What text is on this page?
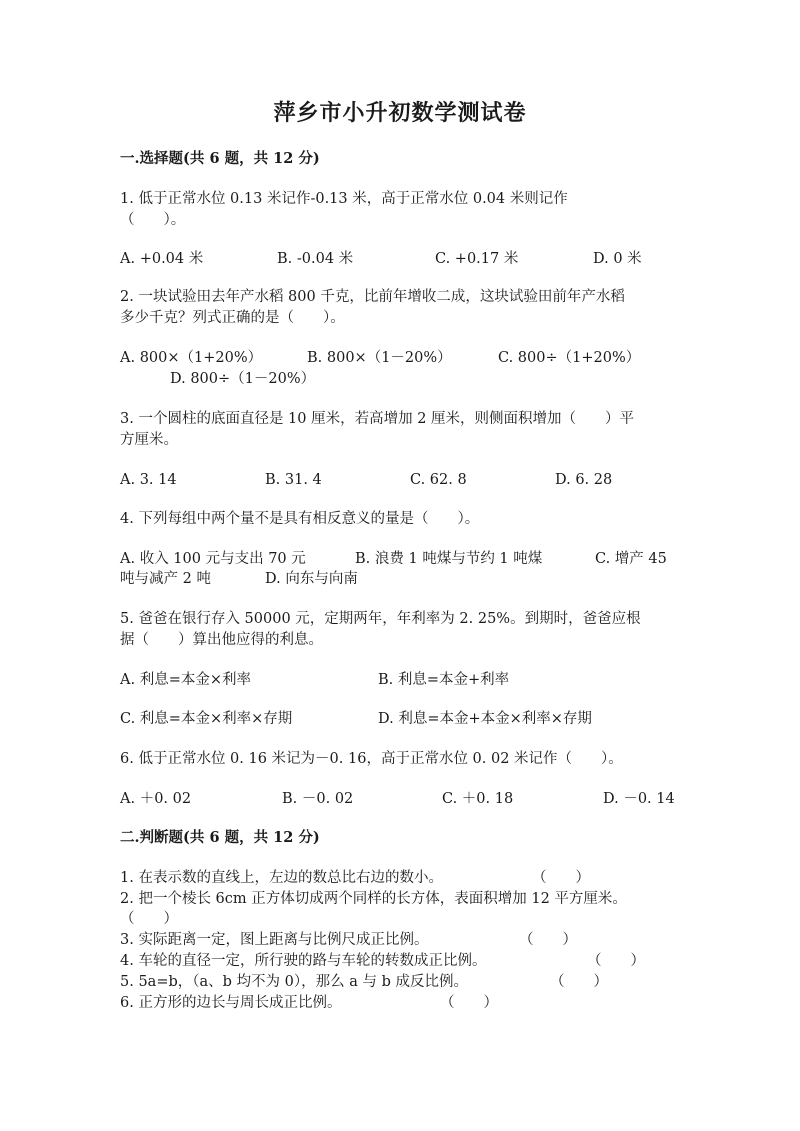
萍乡市小升初数学测试卷
一.选择题(共 6 题，共 12 分)
1. 低于正常水位 0.13 米记作-0.13 米，高于正常水位 0.04 米则记作
（　　）。
A. +0.04 米	B. -0.04 米	C. +0.17 米	D. 0 米
2. 一块试验田去年产水稻 800 千克，比前年增收二成，这块试验田前年产水稻
多少千克？列式正确的是（　　）。
A. 800×（1+20%）	B. 800×（1－20%）	C. 800÷（1+20%）
D. 800÷（1－20%）
3. 一个圆柱的底面直径是 10 厘米，若高增加 2 厘米，则侧面积增加（　　）平
方厘米。
A. 3. 14	B. 31. 4	C. 62. 8	D. 6. 28
4. 下列每组中两个量不是具有相反意义的量是（　　）。
A. 收入 100 元与支出 70 元	B. 浪费 1 吨煤与节约 1 吨煤	C. 增产 45
吨与减产 2 吨	D. 向东与向南
5. 爸爸在银行存入 50000 元，定期两年，年利率为 2. 25%。到期时，爸爸应根
据（　　）算出他应得的利息。
A. 利息=本金×利率	B. 利息=本金+利率
C. 利息=本金×利率×存期	D. 利息=本金+本金×利率×存期
6. 低于正常水位 0. 16 米记为－0. 16，高于正常水位 0. 02 米记作（　　）。
A. ＋0. 02	B. －0. 02	C. ＋0. 18	D. －0. 14
二.判断题(共 6 题，共 12 分)
1. 在表示数的直线上，左边的数总比右边的数小。	（　　）
2. 把一个棱长 6cm 正方体切成两个同样的长方体，表面积增加 12 平方厘米。
（　　）
3. 实际距离一定，图上距离与比例尺成正比例。	（　　）
4. 车轮的直径一定，所行驶的路与车轮的转数成正比例。	（　　）
5. 5a=b，（a、b 均不为 0），那么 a 与 b 成反比例。	（　　）
6. 正方形的边长与周长成正比例。	（　　）
